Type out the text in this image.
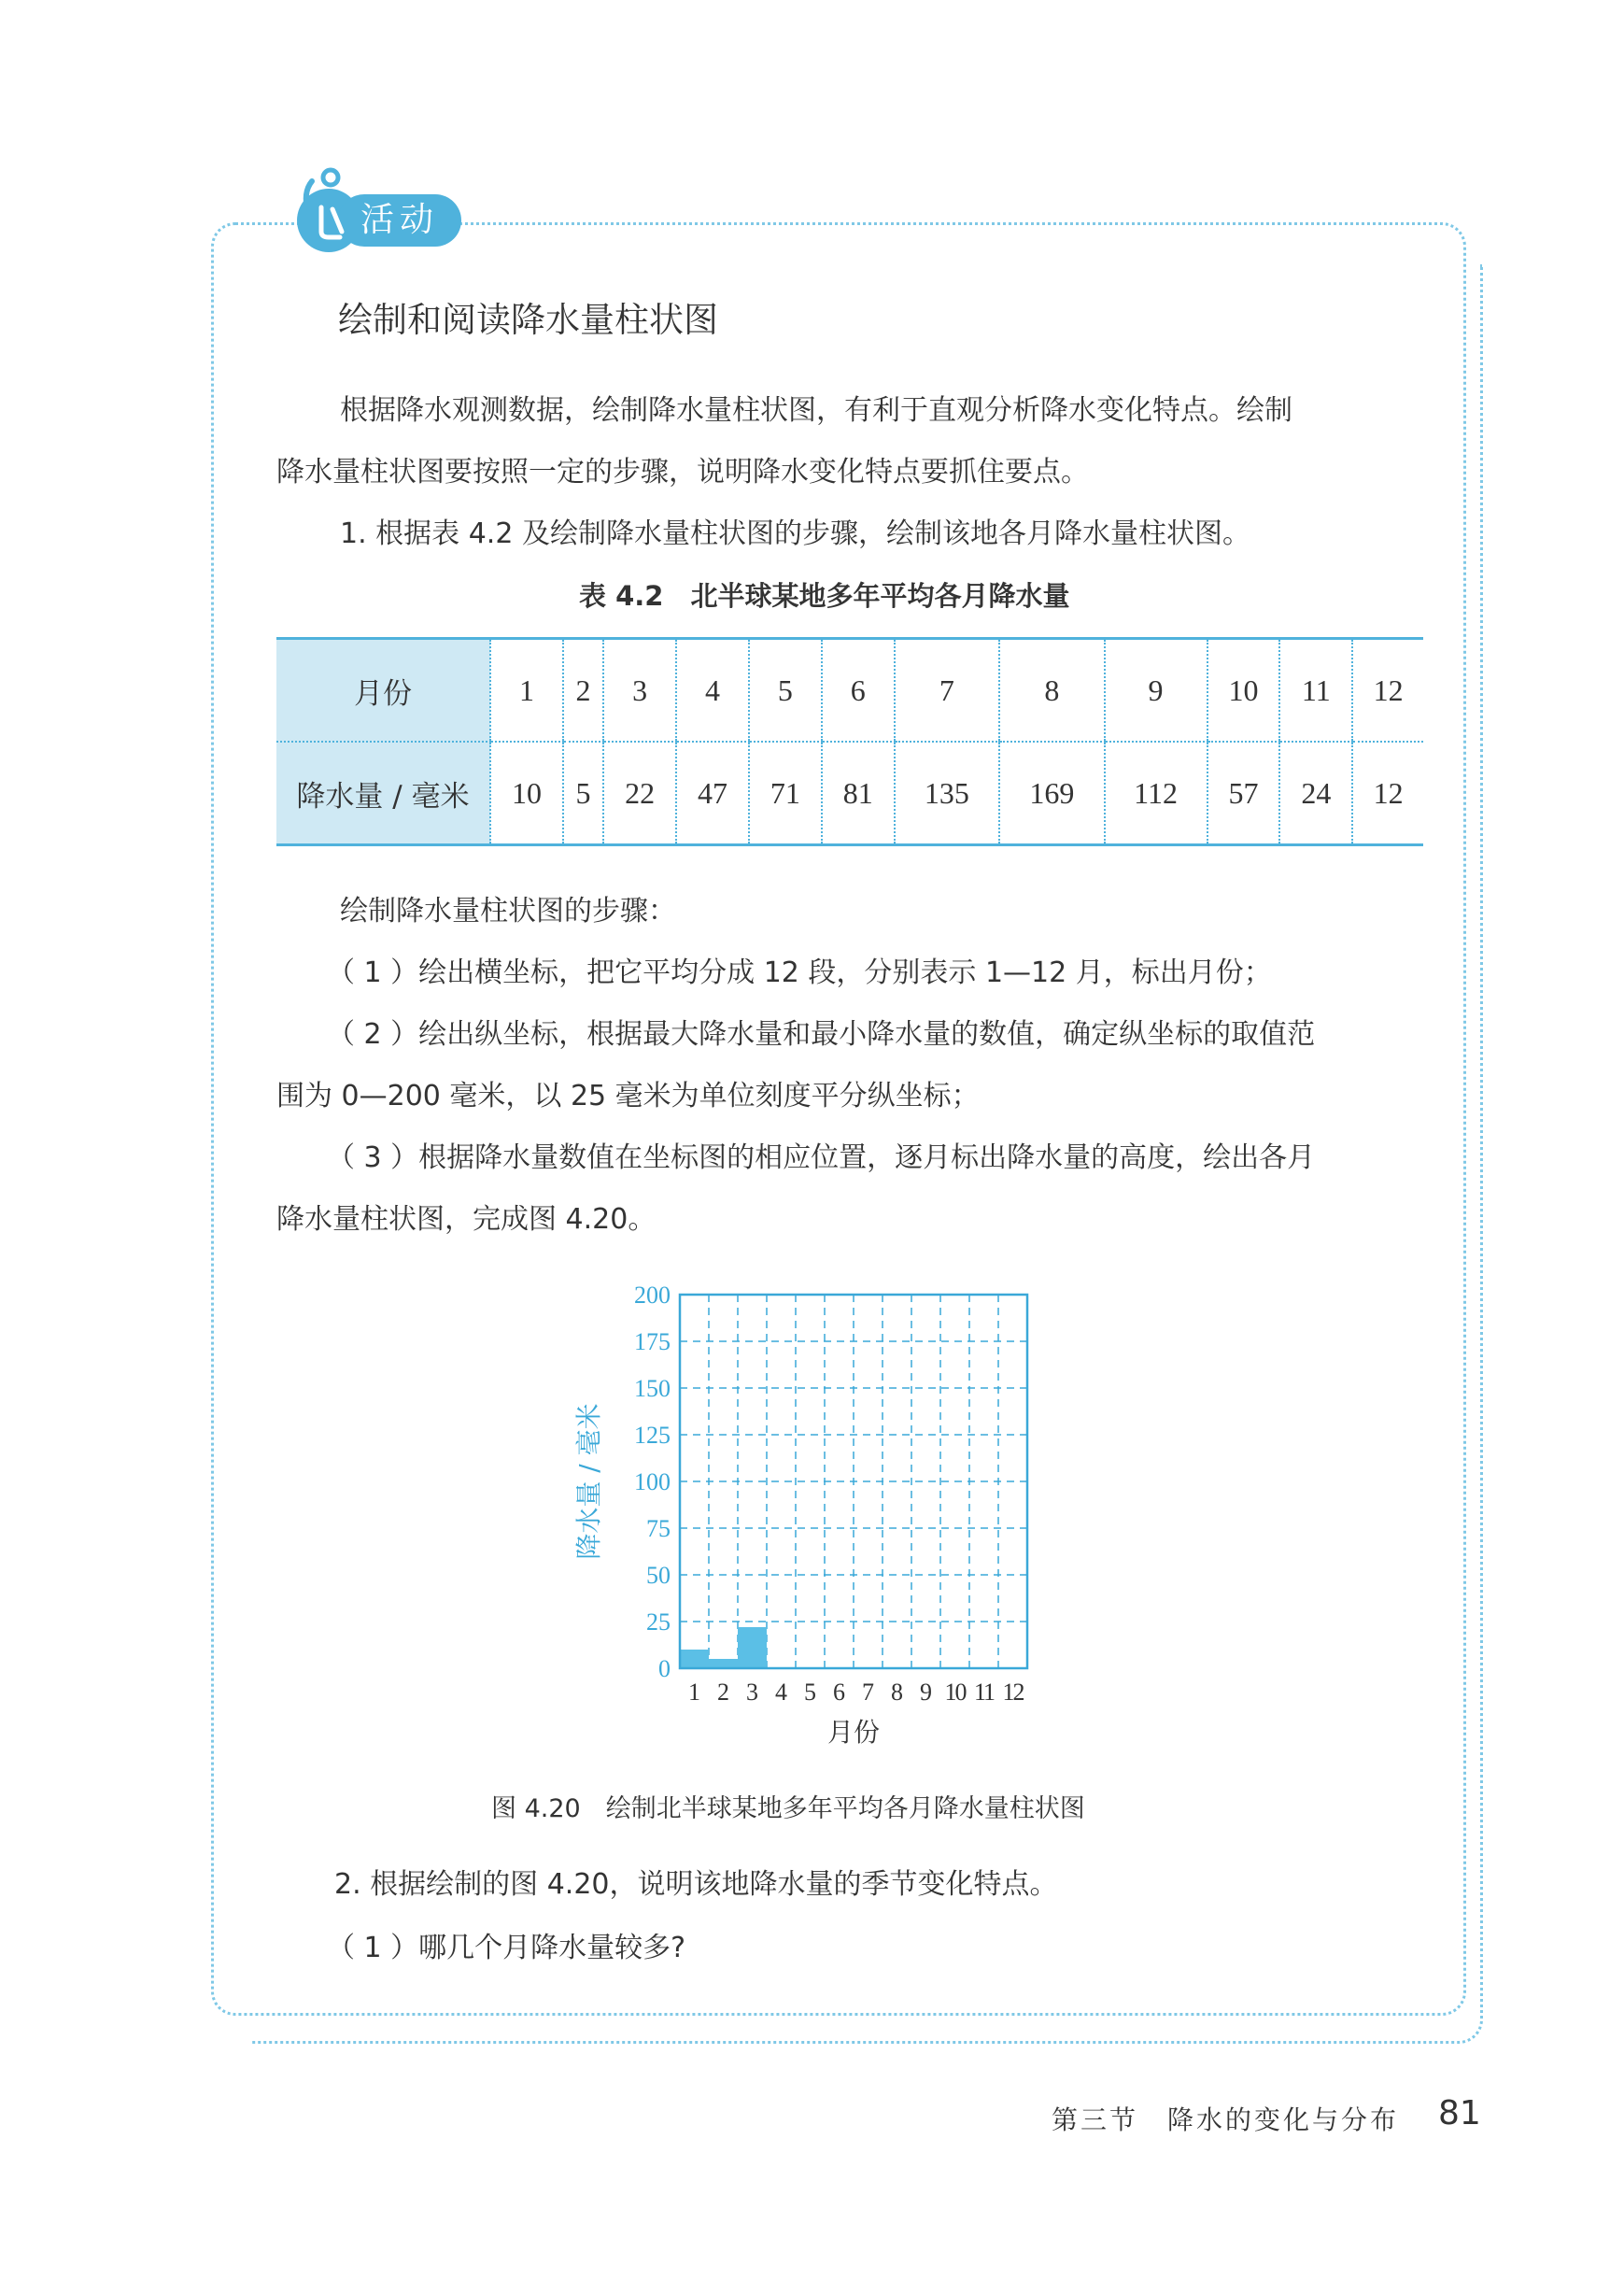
活动
绘制和阅读降水量柱状图
根据降水观测数据，绘制降水量柱状图，有利于直观分析降水变化特点。绘制
降水量柱状图要按照一定的步骤，说明降水变化特点要抓住要点。
1. 根据表 4.2 及绘制降水量柱状图的步骤，绘制该地各月降水量柱状图。
表 4.2　北半球某地多年平均各月降水量
月份	1	2	3	4	5	6	7	8	9	10	11	12
降水量 / 毫米	10	5	22	47	71	81	135	169	112	57	24	12
绘制降水量柱状图的步骤：
（ 1 ）绘出横坐标，把它平均分成 12 段，分别表示 1—12 月，标出月份；
（ 2 ）绘出纵坐标，根据最大降水量和最小降水量的数值，确定纵坐标的取值范
围为 0—200 毫米，以 25 毫米为单位刻度平分纵坐标；
（ 3 ）根据降水量数值在坐标图的相应位置，逐月标出降水量的高度，绘出各月
降水量柱状图，完成图 4.20。
0
25
50
75
100
125
150
175
200
1 2 3 4 5 6 7 8 9 10 11 12
月份
降水量 / 毫米
图 4.20　绘制北半球某地多年平均各月降水量柱状图
2. 根据绘制的图 4.20，说明该地降水量的季节变化特点。
（ 1 ）哪几个月降水量较多?
第三节　降水的变化与分布 81
